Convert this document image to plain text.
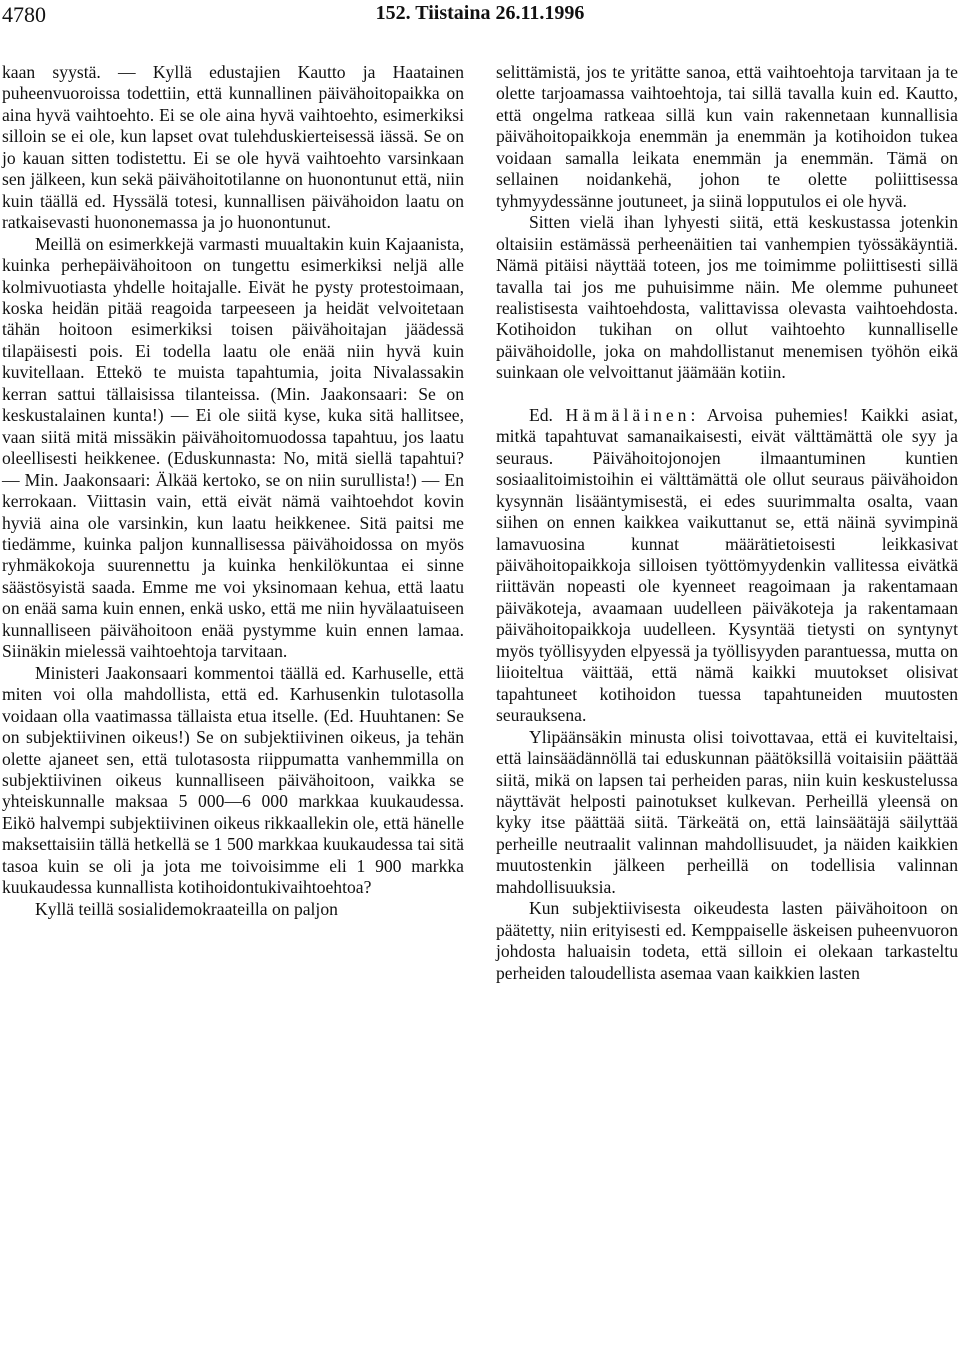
4780	152. Tiistaina 26.11.1996

kaan syystä. — Kyllä edustajien Kautto ja Haatainen puheenvuoroissa todettiin, että kunnallinen päivähoitopaikka on aina hyvä vaihtoehto. Ei se ole aina hyvä vaihtoehto, esimerkiksi silloin se ei ole, kun lapset ovat tulehduskierteisessä iässä. Se on jo kauan sitten todistettu. Ei se ole hyvä vaihtoehto varsinkaan sen jälkeen, kun sekä päivähoitotilanne on huonontunut että, niin kuin täällä ed. Hyssälä totesi, kunnallisen päivähoidon laatu on ratkaisevasti huononemassa ja jo huonontunut.

Meillä on esimerkkejä varmasti muualtakin kuin Kajaanista, kuinka perhepäivähoitoon on tungettu esimerkiksi neljä alle kolmivuotiasta yhdelle hoitajalle. Eivät he pysty protestoimaan, koska heidän pitää reagoida tarpeeseen ja heidät velvoitetaan tähän hoitoon esimerkiksi toisen päivähoitajan jäädessä tilapäisesti pois. Ei todella laatu ole enää niin hyvä kuin kuvitellaan. Ettekö te muista tapahtumia, joita Nivalassakin kerran sattui tällaisissa tilanteissa. (Min. Jaakonsaari: Se on keskustalainen kunta!) — Ei ole siitä kyse, kuka sitä hallitsee, vaan siitä mitä missäkin päivähoitomuodossa tapahtuu, jos laatu oleellisesti heikkenee. (Eduskunnasta: No, mitä siellä tapahtui? — Min. Jaakonsaari: Älkää kertoko, se on niin surullista!) — En kerrokaan. Viittasin vain, että eivät nämä vaihtoehdot kovin hyviä aina ole varsinkin, kun laatu heikkenee. Sitä paitsi me tiedämme, kuinka paljon kunnallisessa päivähoidossa on myös ryhmäkokoja suurennettu ja kuinka henkilökuntaa ei sinne säästösyistä saada. Emme me voi yksinomaan kehua, että laatu on enää sama kuin ennen, enkä usko, että me niin hyvälaatuiseen kunnalliseen päivähoitoon enää pystymme kuin ennen lamaa. Siinäkin mielessä vaihtoehtoja tarvitaan.

Ministeri Jaakonsaari kommentoi täällä ed. Karhuselle, että miten voi olla mahdollista, että ed. Karhusenkin tulotasolla voidaan olla vaatimassa tällaista etua itselle. (Ed. Huuhtanen: Se on subjektiivinen oikeus!) Se on subjektiivinen oikeus, ja tehän olette ajaneet sen, että tulotasosta riippumatta vanhemmilla on subjektiivinen oikeus kunnalliseen päivähoitoon, vaikka se yhteiskunnalle maksaa 5 000—6 000 markkaa kuukaudessa. Eikö halvempi subjektiivinen oikeus rikkaallekin ole, että hänelle maksettaisiin tällä hetkellä se 1 500 markkaa kuukaudessa tai sitä tasoa kuin se oli ja jota me toivoisimme eli 1 900 markka kuukaudessa kunnallista kotihoidontukivaihtoehtoa?

Kyllä teillä sosialidemokraateilla on paljon

selittämistä, jos te yritätte sanoa, että vaihtoehtoja tarvitaan ja te olette tarjoamassa vaihtoehtoja, tai sillä tavalla kuin ed. Kautto, että ongelma ratkeaa sillä kun vain rakennetaan kunnallisia päivähoitopaikkoja enemmän ja enemmän ja kotihoidon tukea voidaan samalla leikata enemmän ja enemmän. Tämä on sellainen noidankehä, johon te olette poliittisessa tyhmyydessänne joutuneet, ja siinä lopputulos ei ole hyvä.

Sitten vielä ihan lyhyesti siitä, että keskustassa jotenkin oltaisiin estämässä perheenäitien tai vanhempien työssäkäyntiä. Nämä pitäisi näyttää toteen, jos me toimimme poliittisesti sillä tavalla tai jos me puhuisimme näin. Me olemme puhuneet realistisesta vaihtoehdosta, valittavissa olevasta vaihtoehdosta. Kotihoidon tukihan on ollut vaihtoehto kunnalliselle päivähoidolle, joka on mahdollistanut menemisen työhön eikä suinkaan ole velvoittanut jäämään kotiin.

Ed. Hämäläinen: Arvoisa puhemies! Kaikki asiat, mitkä tapahtuvat samanaikaisesti, eivät välttämättä ole syy ja seuraus. Päivähoitojonojen ilmaantuminen kuntien sosiaalitoimistoihin ei välttämättä ole ollut seuraus päivähoidon kysynnän lisääntymisestä, ei edes suurimmalta osalta, vaan siihen on ennen kaikkea vaikuttanut se, että näinä syvimpinä lamavuosina kunnat määrätietoisesti leikkasivat päivähoitopaikkoja silloisen työttömyydenkin vallitessa eivätkä riittävän nopeasti ole kyenneet reagoimaan ja rakentamaan päiväkoteja, avaamaan uudelleen päiväkoteja ja rakentamaan päivähoitopaikkoja uudelleen. Kysyntää tietysti on syntynyt myös työllisyyden elpyessä ja työllisyyden parantuessa, mutta on liioiteltua väittää, että nämä kaikki muutokset olisivat tapahtuneet kotihoidon tuessa tapahtuneiden muutosten seurauksena.

Ylipäänsäkin minusta olisi toivottavaa, että ei kuviteltaisi, että lainsäädännöllä tai eduskunnan päätöksillä voitaisiin päättää siitä, mikä on lapsen tai perheiden paras, niin kuin keskustelussa näyttävät helposti painotukset kulkevan. Perheillä yleensä on kyky itse päättää siitä. Tärkeätä on, että lainsäätäjä säilyttää perheille neutraalit valinnan mahdollisuudet, ja näiden kaikkien muutostenkin jälkeen perheillä on todellisia valinnan mahdollisuuksia.

Kun subjektiivisesta oikeudesta lasten päivähoitoon on päätetty, niin erityisesti ed. Kemppaiselle äskeisen puheenvuoron johdosta haluaisin todeta, että silloin ei olekaan tarkasteltu perheiden taloudellista asemaa vaan kaikkien lasten
